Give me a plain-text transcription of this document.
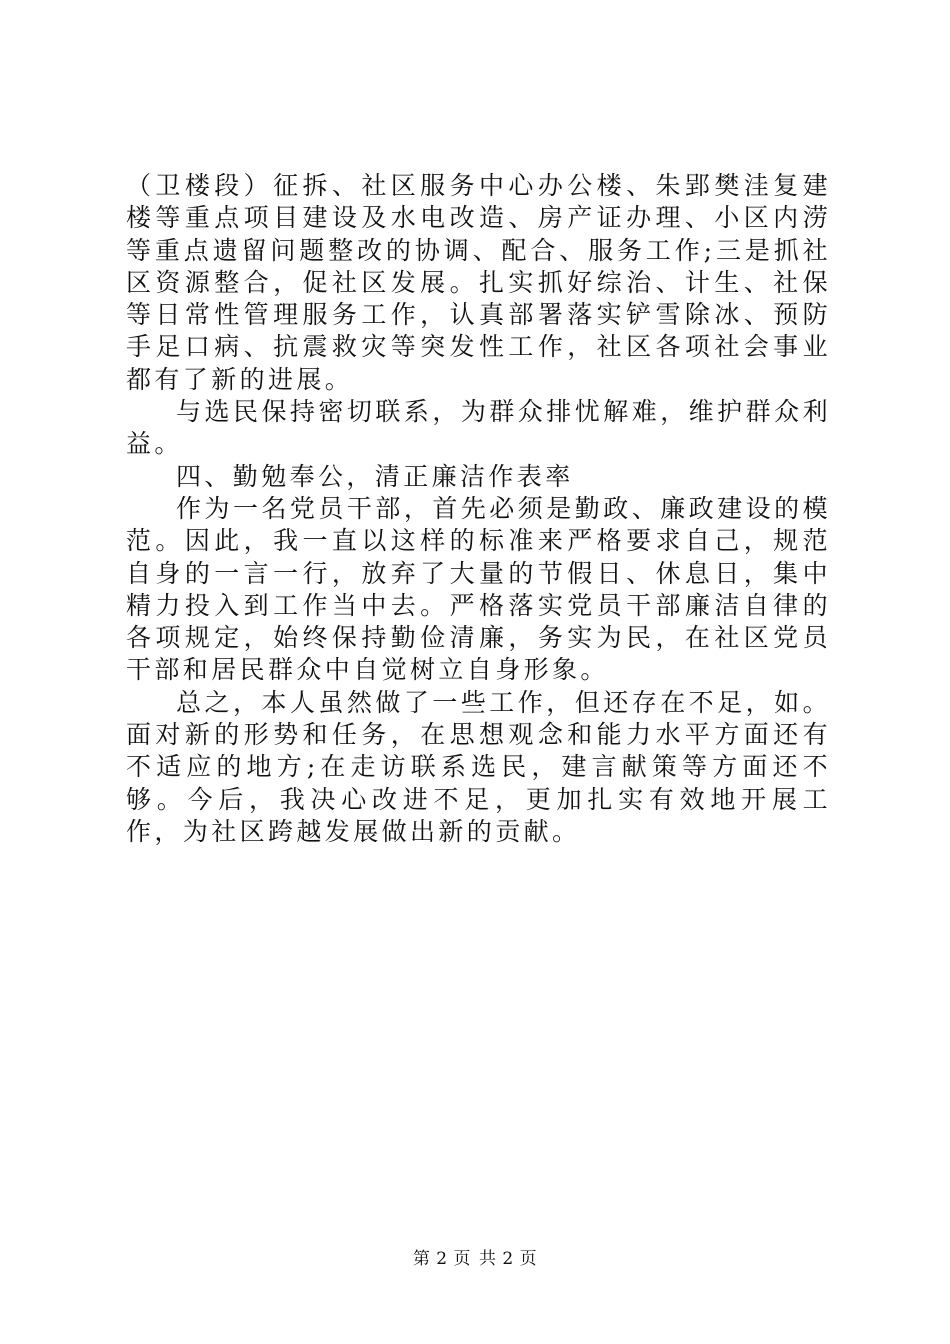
（卫楼段）征拆、社区服务中心办公楼、朱郢樊洼复建楼等重点项目建设及水电改造、房产证办理、小区内涝等重点遗留问题整改的协调、配合、服务工作;三是抓社区资源整合，促社区发展。扎实抓好综治、计生、社保等日常性管理服务工作，认真部署落实铲雪除冰、预防手足口病、抗震救灾等突发性工作，社区各项社会事业都有了新的进展。

与选民保持密切联系，为群众排忧解难，维护群众利益。

四、勤勉奉公，清正廉洁作表率

作为一名党员干部，首先必须是勤政、廉政建设的模范。因此，我一直以这样的标准来严格要求自己，规范自身的一言一行，放弃了大量的节假日、休息日，集中精力投入到工作当中去。严格落实党员干部廉洁自律的各项规定，始终保持勤俭清廉，务实为民，在社区党员干部和居民群众中自觉树立自身形象。

总之，本人虽然做了一些工作，但还存在不足，如。面对新的形势和任务，在思想观念和能力水平方面还有不适应的地方;在走访联系选民，建言献策等方面还不够。今后，我决心改进不足，更加扎实有效地开展工作，为社区跨越发展做出新的贡献。

第 2 页 共 2 页
